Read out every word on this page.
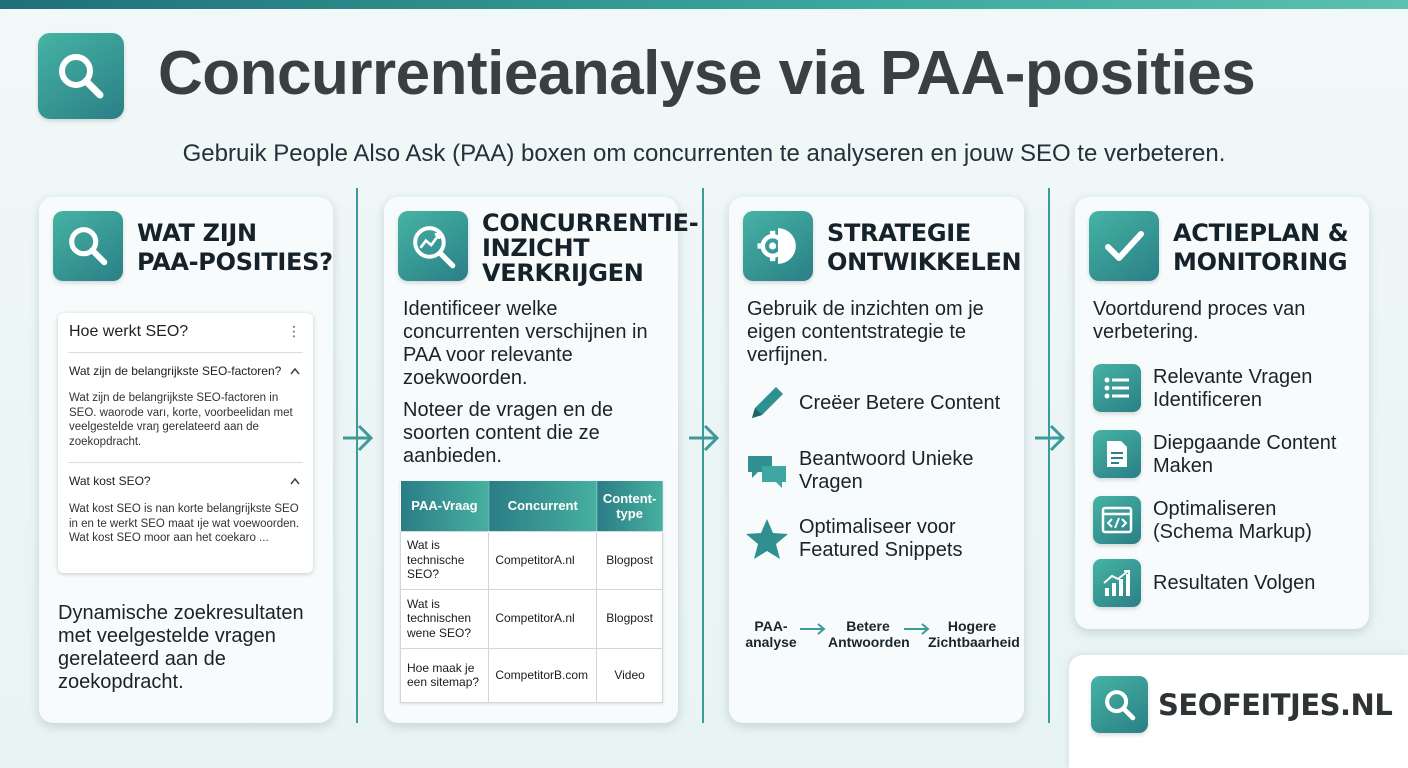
Concurrentieanalyse via PAA-posities
Gebruik People Also Ask (PAA) boxen om concurrenten te analyseren en jouw SEO te verbeteren.
WAT ZIJN
PAA-POSITIES?
Hoe werkt SEO?	⋮
Wat zijn de belangrijkste SEO-factoren?
Wat zijn de belangrijkste SEO-factoren in SEO. waorode varı, korte, voorbeelidan met veelgestelde vraŋ gerelateerd aan de zoekopdracht.
Wat kost SEO?
Wat kost SEO is nan korte belangrijkste SEO in en te werkt SEO maat ıje wat voewoorden. Wat kost SEO moor aan het coekaro ...
Dynamische zoekresultaten met veelgestelde vragen gerelateerd aan de zoekopdracht.
CONCURRENTIE-
INZICHT
VERKRIJGEN
Identificeer welke concurrenten verschijnen in PAA voor relevante zoekwoorden.
Noteer de vragen en de soorten content die ze aanbieden.
PAA-Vraag	Concurrent	Content-type
Wat is technische SEO?	CompetitorA.nl	Blogpost
Wat is technischen wene SEO?	CompetitorA.nl	Blogpost
Hoe maak je een sitemap?	CompetitorB.com	Video
STRATEGIE
ONTWIKKELEN
Gebruik de inzichten om je eigen contentstrategie te verfijnen.
Creëer Betere Content
Beantwoord Unieke Vragen
Optimaliseer voor Featured Snippets
PAA-analyse
Betere Antwoorden
Hogere Zichtbaarheid
ACTIEPLAN &
MONITORING
Voortdurend proces van verbetering.
Relevante Vragen Identificeren
Diepgaande Content Maken
Optimaliseren (Schema Markup)
Resultaten Volgen
SEOFEITJES.NL
